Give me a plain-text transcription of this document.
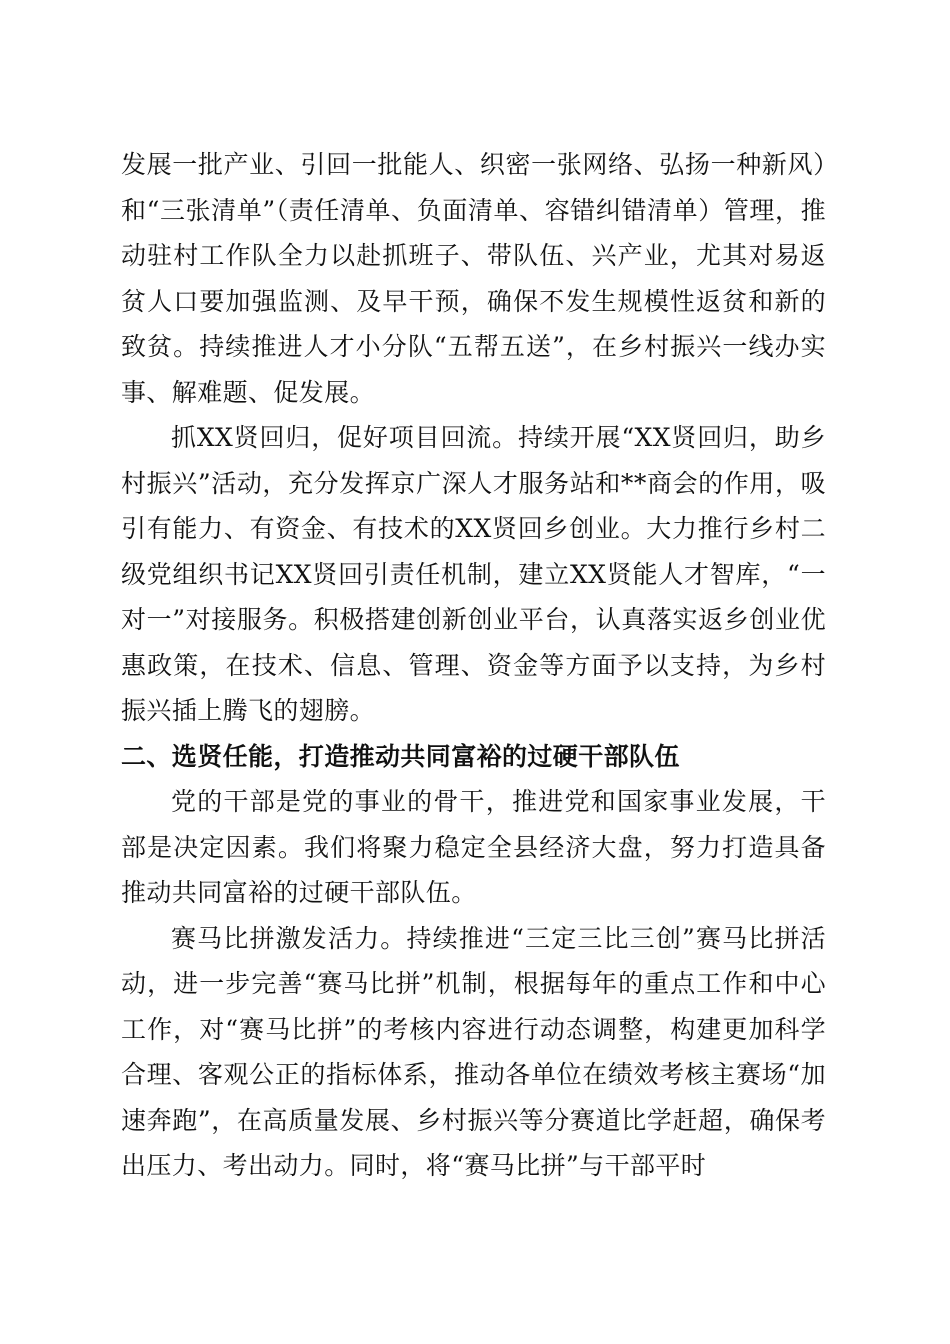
发展一批产业、引回一批能人、织密一张网络、弘扬一种新风）和“三张清单”（责任清单、负面清单、容错纠错清单）管理，推动驻村工作队全力以赴抓班子、带队伍、兴产业，尤其对易返贫人口要加强监测、及早干预，确保不发生规模性返贫和新的致贫。持续推进人才小分队“五帮五送”，在乡村振兴一线办实事、解难题、促发展。

抓XX贤回归，促好项目回流。持续开展“XX贤回归，助乡村振兴”活动，充分发挥京广深人才服务站和**商会的作用，吸引有能力、有资金、有技术的XX贤回乡创业。大力推行乡村二级党组织书记XX贤回引责任机制，建立XX贤能人才智库，“一对一”对接服务。积极搭建创新创业平台，认真落实返乡创业优惠政策，在技术、信息、管理、资金等方面予以支持，为乡村振兴插上腾飞的翅膀。

二、选贤任能，打造推动共同富裕的过硬干部队伍

党的干部是党的事业的骨干，推进党和国家事业发展，干部是决定因素。我们将聚力稳定全县经济大盘，努力打造具备推动共同富裕的过硬干部队伍。

赛马比拼激发活力。持续推进“三定三比三创”赛马比拼活动，进一步完善“赛马比拼”机制，根据每年的重点工作和中心工作，对“赛马比拼”的考核内容进行动态调整，构建更加科学合理、客观公正的指标体系，推动各单位在绩效考核主赛场“加速奔跑”，在高质量发展、乡村振兴等分赛道比学赶超，确保考出压力、考出动力。同时，将“赛马比拼”与干部平时
